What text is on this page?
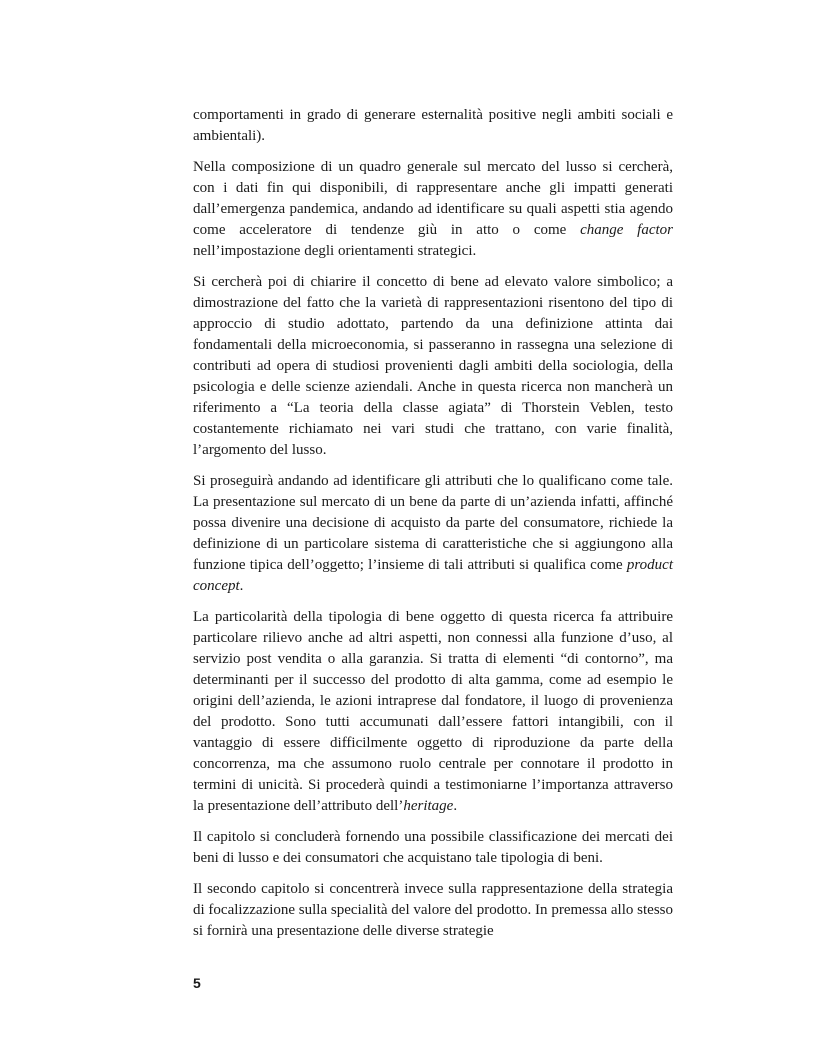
comportamenti in grado di generare esternalità positive negli ambiti sociali e ambientali).

Nella composizione di un quadro generale sul mercato del lusso si cercherà, con i dati fin qui disponibili, di rappresentare anche gli impatti generati dall’emergenza pandemica, andando ad identificare su quali aspetti stia agendo come acceleratore di tendenze giù in atto o come change factor nell’impostazione degli orientamenti strategici.

Si cercherà poi di chiarire il concetto di bene ad elevato valore simbolico; a dimostrazione del fatto che la varietà di rappresentazioni risentono del tipo di approccio di studio adottato, partendo da una definizione attinta dai fondamentali della microeconomia, si passeranno in rassegna una selezione di contributi ad opera di studiosi provenienti dagli ambiti della sociologia, della psicologia e delle scienze aziendali. Anche in questa ricerca non mancherà un riferimento a “La teoria della classe agiata” di Thorstein Veblen, testo costantemente richiamato nei vari studi che trattano, con varie finalità, l’argomento del lusso.

Si proseguirà andando ad identificare gli attributi che lo qualificano come tale. La presentazione sul mercato di un bene da parte di un’azienda infatti, affinché possa divenire una decisione di acquisto da parte del consumatore, richiede la definizione di un particolare sistema di caratteristiche che si aggiungono alla funzione tipica dell’oggetto; l’insieme di tali attributi si qualifica come product concept.

La particolarità della tipologia di bene oggetto di questa ricerca fa attribuire particolare rilievo anche ad altri aspetti, non connessi alla funzione d’uso, al servizio post vendita o alla garanzia. Si tratta di elementi “di contorno”, ma determinanti per il successo del prodotto di alta gamma, come ad esempio le origini dell’azienda, le azioni intraprese dal fondatore, il luogo di provenienza del prodotto. Sono tutti accumunati dall’essere fattori intangibili, con il vantaggio di essere difficilmente oggetto di riproduzione da parte della concorrenza, ma che assumono ruolo centrale per connotare il prodotto in termini di unicità. Si procederà quindi a testimoniarne l’importanza attraverso la presentazione dell’attributo dell’heritage.

Il capitolo si concluderà fornendo una possibile classificazione dei mercati dei beni di lusso e dei consumatori che acquistano tale tipologia di beni.

Il secondo capitolo si concentrerà invece sulla rappresentazione della strategia di focalizzazione sulla specialità del valore del prodotto. In premessa allo stesso si fornirà una presentazione delle diverse strategie

5
